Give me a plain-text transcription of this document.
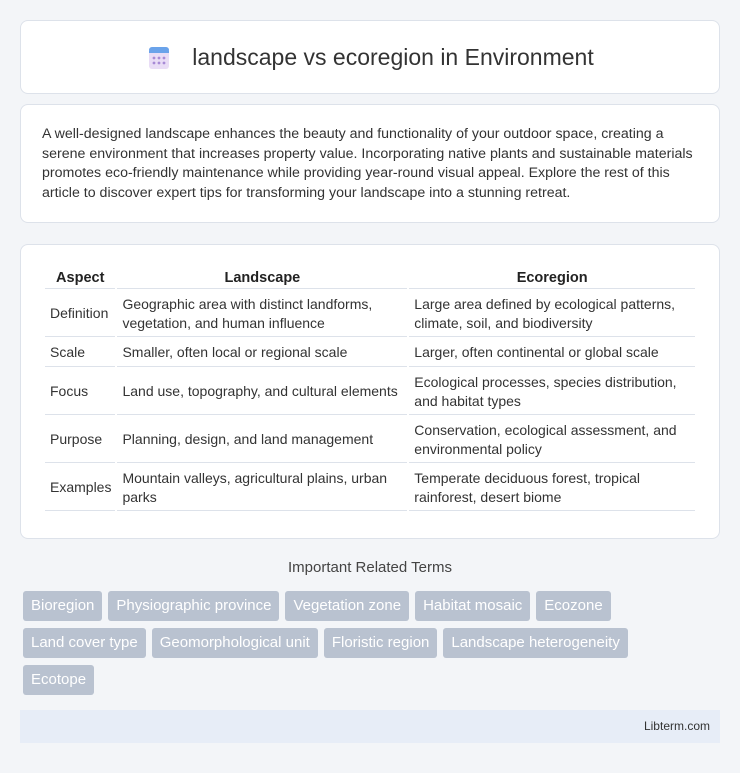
landscape vs ecoregion in Environment

A well-designed landscape enhances the beauty and functionality of your outdoor space, creating a serene environment that increases property value. Incorporating native plants and sustainable materials promotes eco-friendly maintenance while providing year-round visual appeal. Explore the rest of this article to discover expert tips for transforming your landscape into a stunning retreat.

Aspect	Landscape	Ecoregion
Definition	Geographic area with distinct landforms, vegetation, and human influence	Large area defined by ecological patterns, climate, soil, and biodiversity
Scale	Smaller, often local or regional scale	Larger, often continental or global scale
Focus	Land use, topography, and cultural elements	Ecological processes, species distribution, and habitat types
Purpose	Planning, design, and land management	Conservation, ecological assessment, and environmental policy
Examples	Mountain valleys, agricultural plains, urban parks	Temperate deciduous forest, tropical rainforest, desert biome
Important Related Terms
Bioregion	Physiographic province	Vegetation zone	Habitat mosaic	Ecozone
Land cover type	Geomorphological unit	Floristic region	Landscape heterogeneity
Ecotope
Libterm.com
